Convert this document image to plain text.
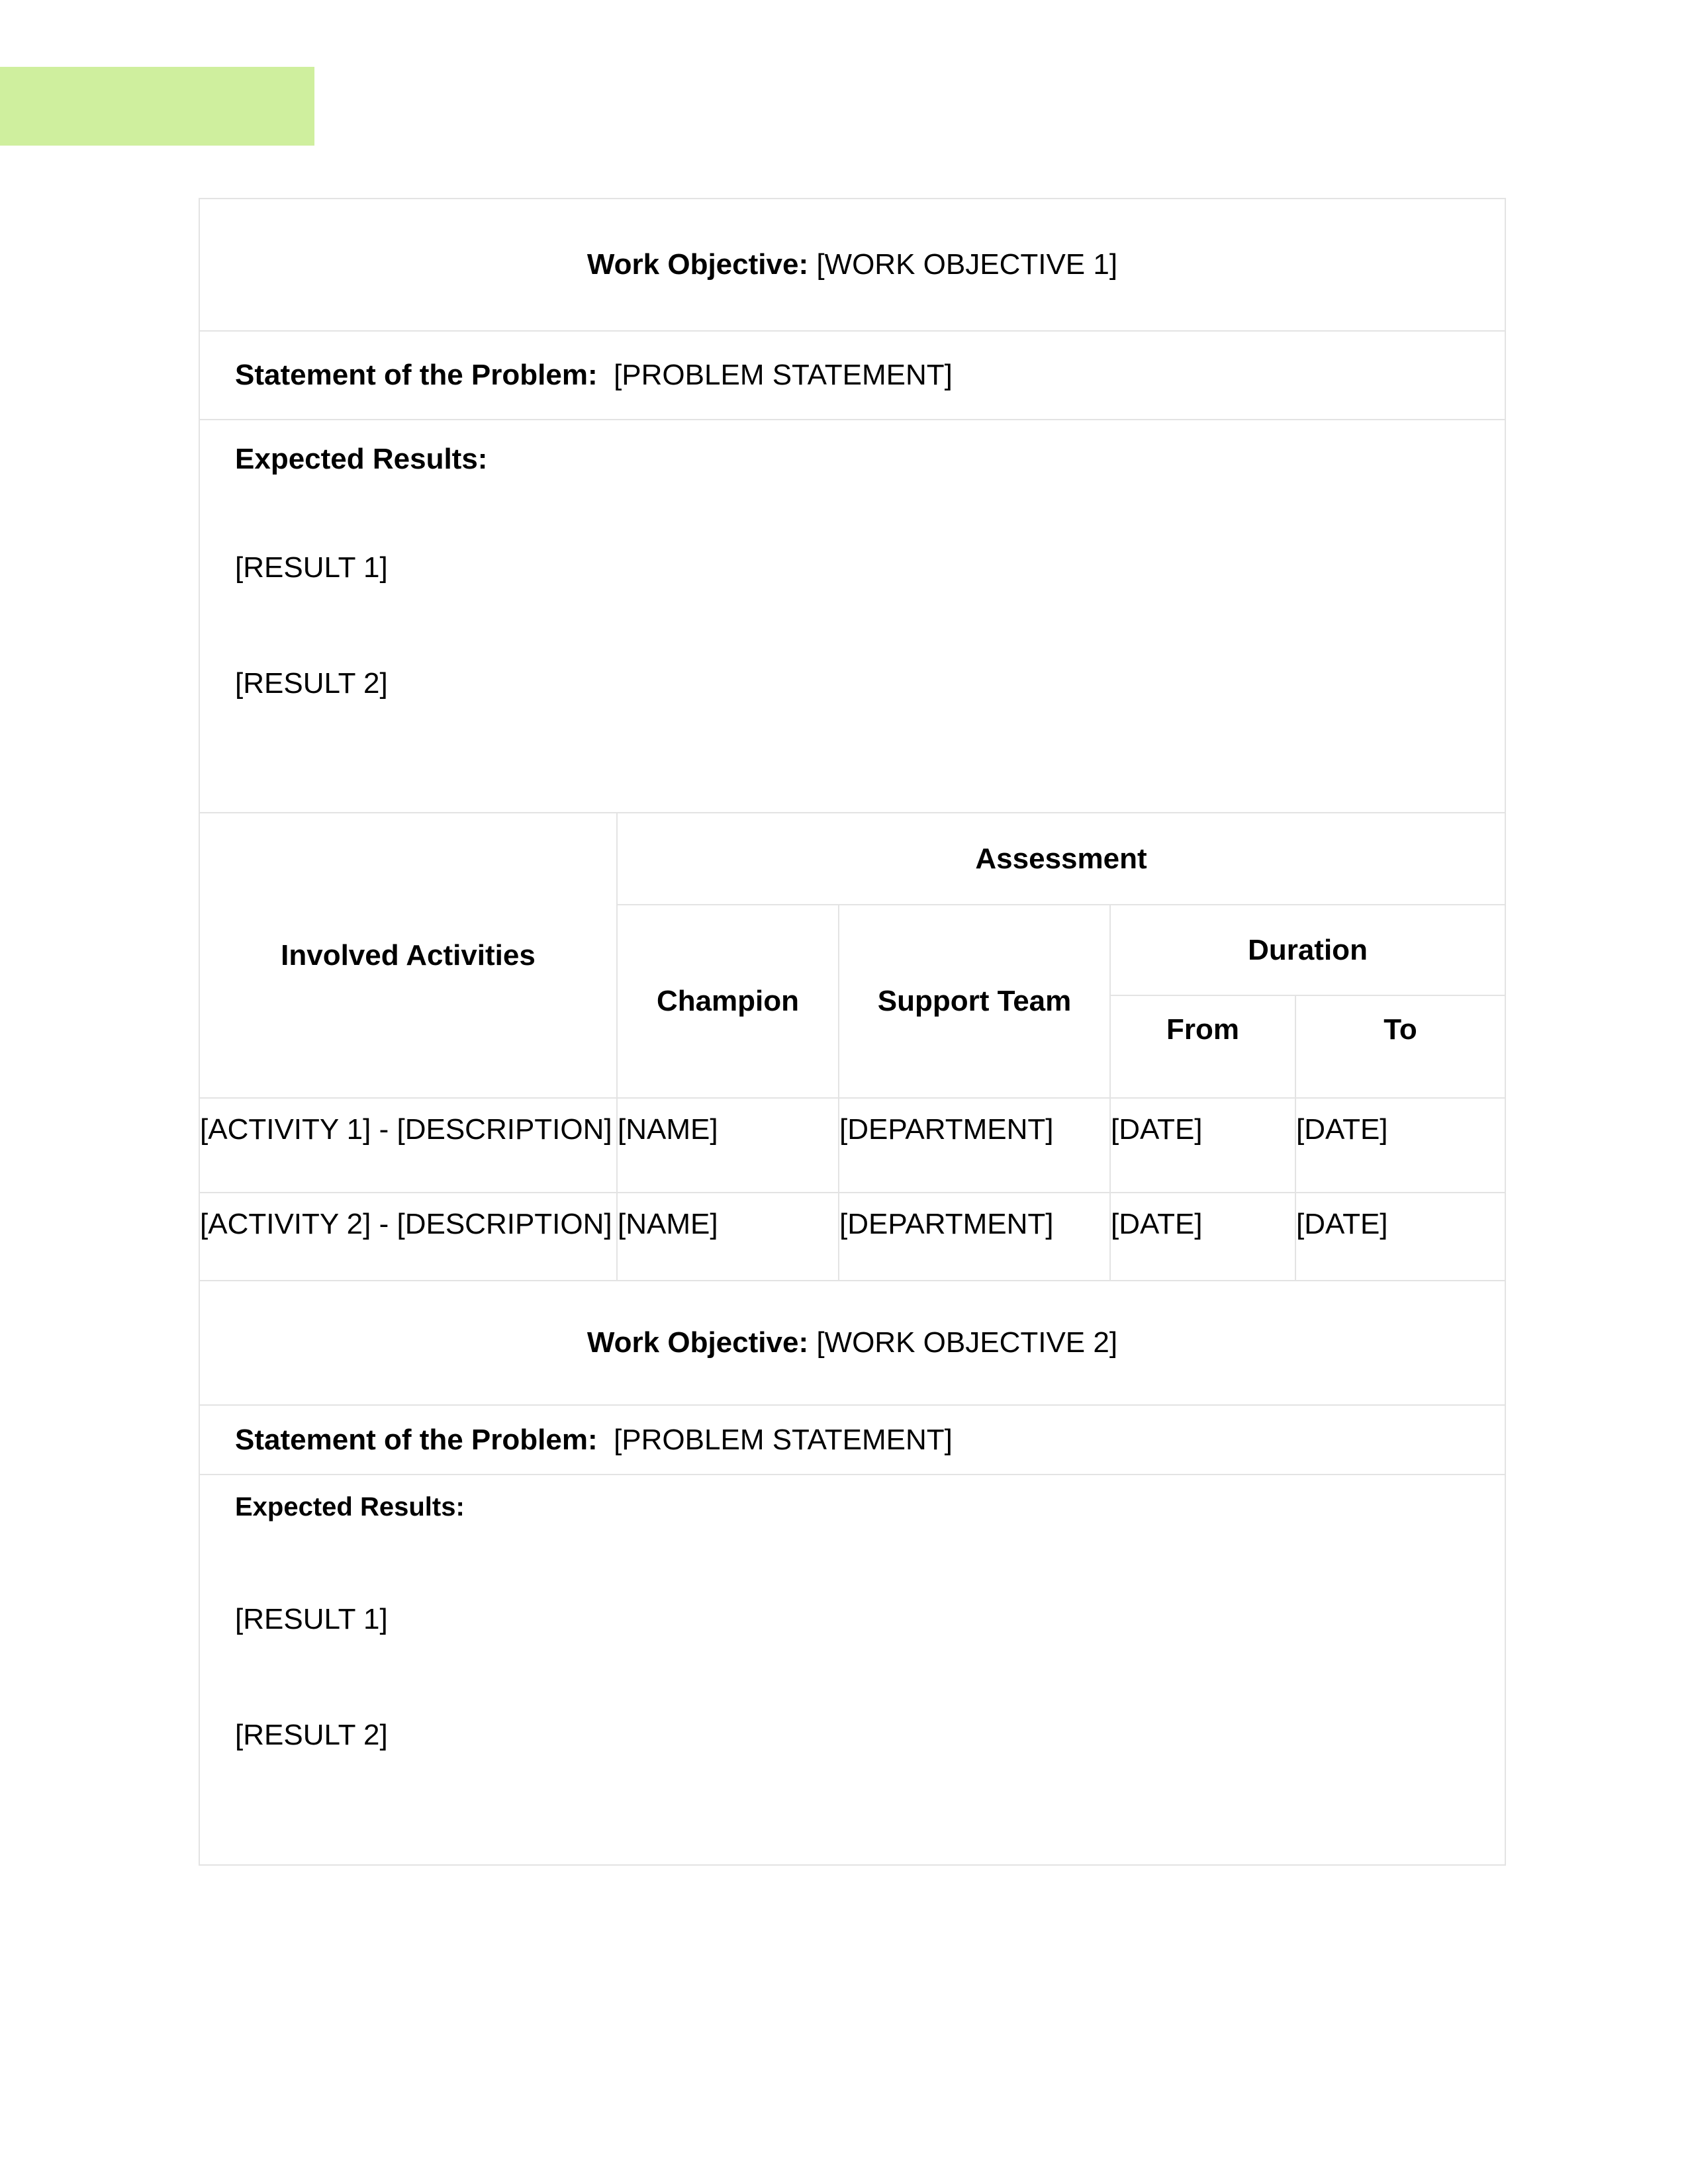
Work Objective: [WORK OBJECTIVE 1]
Statement of the Problem:  [PROBLEM STATEMENT]
Expected Results:
[RESULT 1]
[RESULT 2]
Involved Activities	Assessment			
	Champion	Support Team	Duration	
			From	To
[ACTIVITY 1] - [DESCRIPTION]	[NAME]	[DEPARTMENT]	[DATE]	[DATE]
[ACTIVITY 2] - [DESCRIPTION]	[NAME]	[DEPARTMENT]	[DATE]	[DATE]
Work Objective: [WORK OBJECTIVE 2]
Statement of the Problem:  [PROBLEM STATEMENT]
Expected Results:
[RESULT 1]
[RESULT 2]
